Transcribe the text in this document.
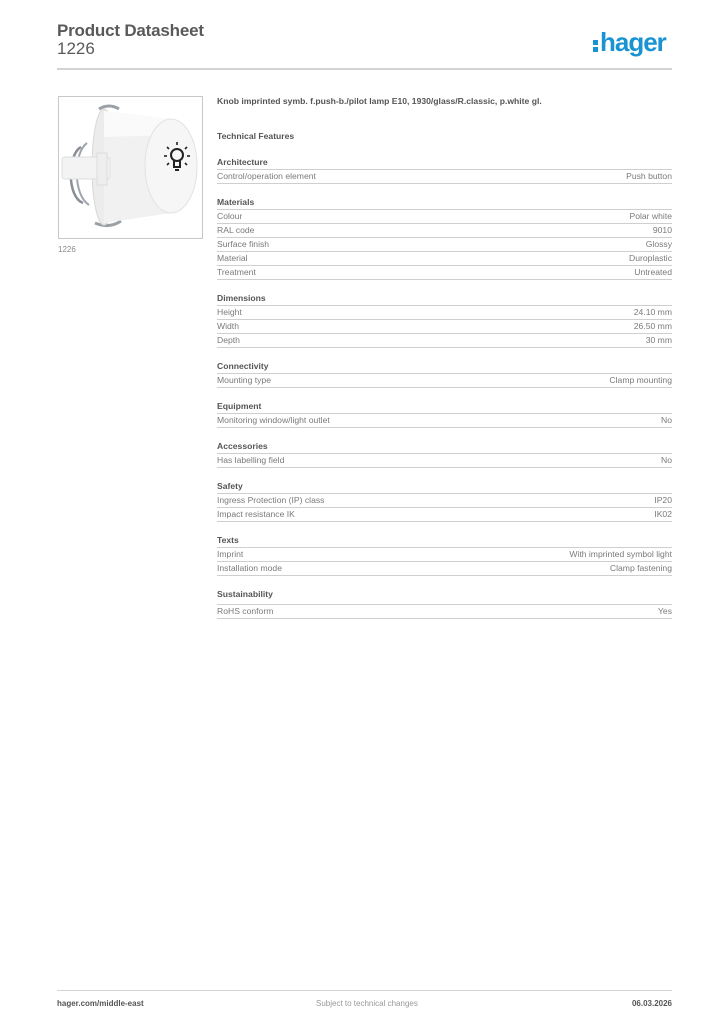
Product Datasheet
1226	hager
1226

Knob imprinted symb. f.push-b./pilot lamp E10, 1930/glass/R.classic, p.white gl.

Technical Features
Architecture
Control/operation element	Push button
Materials
Colour	Polar white
RAL code	9010
Surface finish	Glossy
Material	Duroplastic
Treatment	Untreated
Dimensions
Height	24.10 mm
Width	26.50 mm
Depth	30 mm
Connectivity
Mounting type	Clamp mounting
Equipment
Monitoring window/light outlet	No
Accessories
Has labelling field	No
Safety
Ingress Protection (IP) class	IP20
Impact resistance IK	IK02
Texts
Imprint	With imprinted symbol light
Installation mode	Clamp fastening
Sustainability
RoHS conform	Yes
hager.com/middle-east	Subject to technical changes	06.03.2026
